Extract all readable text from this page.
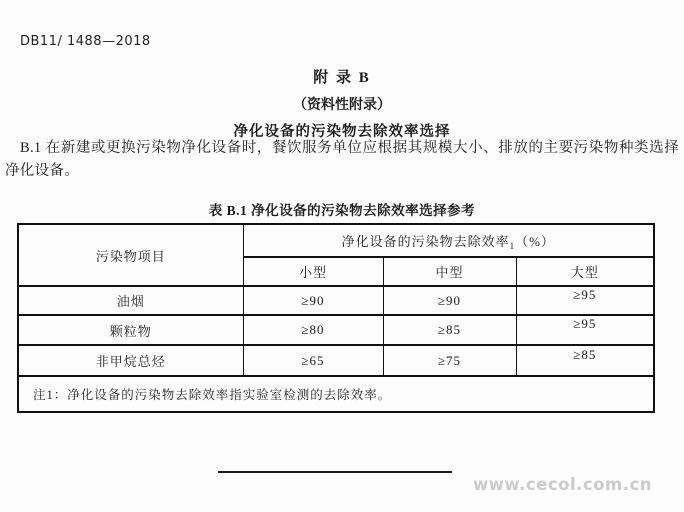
DB11/ 1488—2018
附 录 B
（资料性附录）
净化设备的污染物去除效率选择
B.1 在新建或更换污染物净化设备时，餐饮服务单位应根据其规模大小、排放的主要污染物种类选择净化设备。
表 B.1 净化设备的污染物去除效率选择参考
污染物项目	净化设备的污染物去除效率$_1$（%）		
	小型	中型	大型
油烟	≥90	≥90	≥95
颗粒物	≥80	≥85	≥95
非甲烷总烃	≥65	≥75	≥85
注1：净化设备的污染物去除效率指实验室检测的去除效率。			
www.cecol.com.cn
